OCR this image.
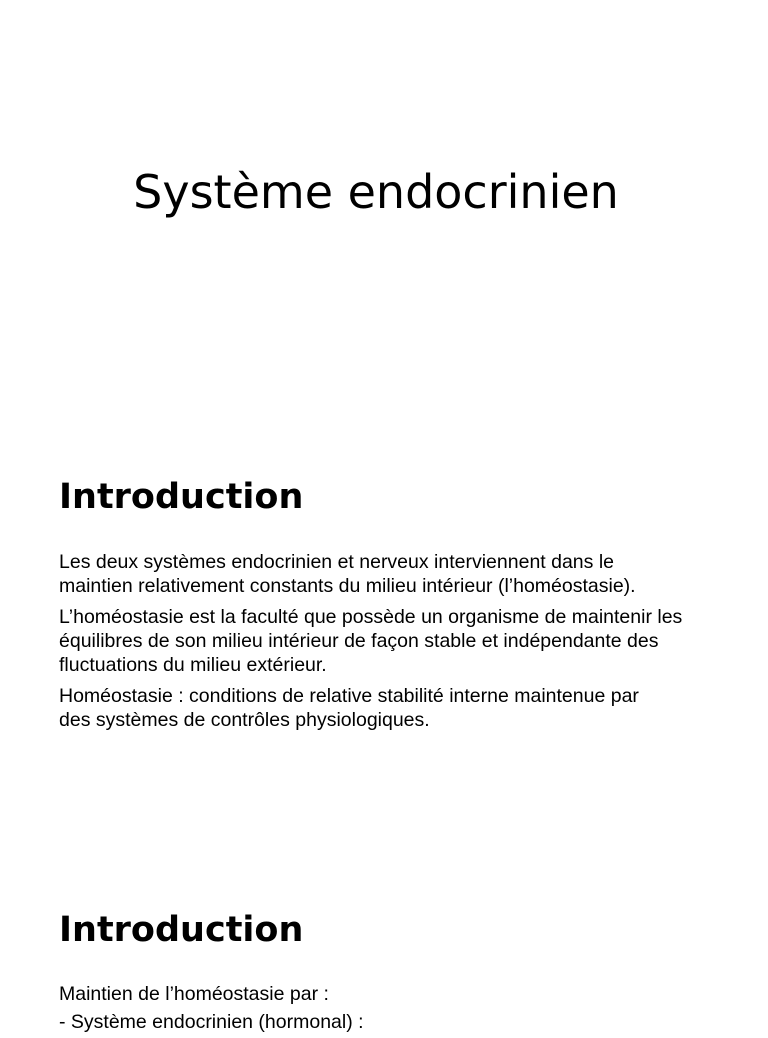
Système endocrinien
Introduction

Les deux systèmes endocrinien et nerveux interviennent dans le
maintien relativement constants du milieu intérieur (l’homéostasie).

L’homéostasie est la faculté que possède un organisme de maintenir les
équilibres de son milieu intérieur de façon stable et indépendante des
fluctuations du milieu extérieur.

Homéostasie : conditions de relative stabilité interne maintenue par
des systèmes de contrôles physiologiques.

Introduction

Maintien de l’homéostasie par :

- Système endocrinien (hormonal) :
